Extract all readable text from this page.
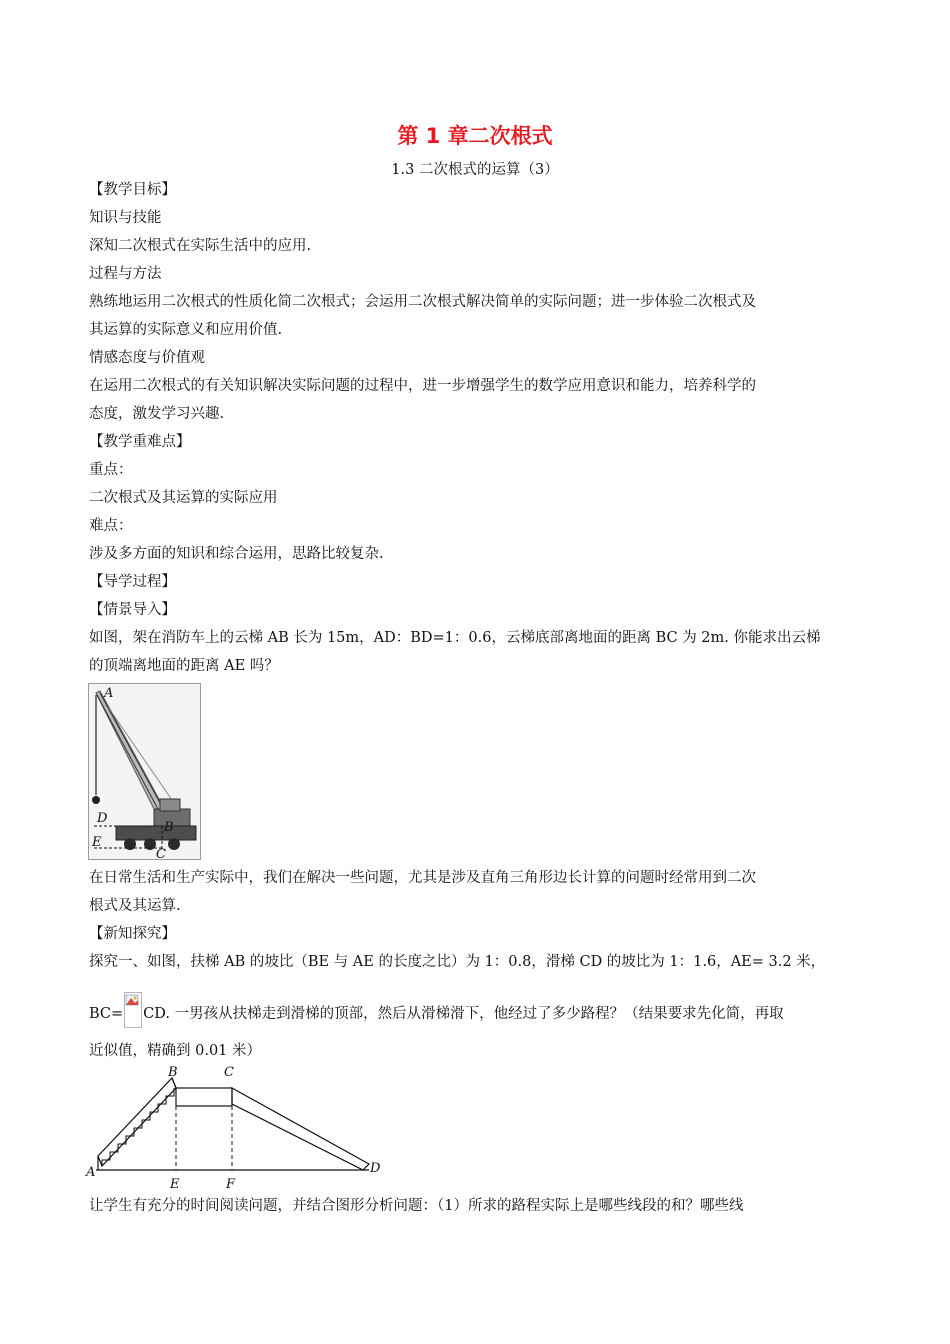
第 1 章二次根式
1.3 二次根式的运算（3）
【教学目标】
知识与技能
深知二次根式在实际生活中的应用.
过程与方法
熟练地运用二次根式的性质化简二次根式；会运用二次根式解决简单的实际问题；进一步体验二次根式及
其运算的实际意义和应用价值.
情感态度与价值观
在运用二次根式的有关知识解决实际问题的过程中，进一步增强学生的数学应用意识和能力，培养科学的
态度，激发学习兴趣.
【教学重难点】
重点：
二次根式及其运算的实际应用
难点：
涉及多方面的知识和综合运用，思路比较复杂.
【导学过程】
【情景导入】
如图，架在消防车上的云梯 AB 长为 15m，AD：BD=1：0.6，云梯底部离地面的距离 BC 为 2m. 你能求出云梯
的顶端离地面的距离 AE 吗？
A
B
C
D
E
在日常生活和生产实际中，我们在解决一些问题，尤其是涉及直角三角形边长计算的问题时经常用到二次
根式及其运算.
【新知探究】
探究一、如图，扶梯 AB 的坡比（BE 与 AE 的长度之比）为 1：0.8，滑梯 CD 的坡比为 1：1.6，AE= 3.2 米，
BC= CD. 一男孩从扶梯走到滑梯的顶部，然后从滑梯滑下，他经过了多少路程？（结果要求先化简，再取
近似值，精确到 0.01 米）
A
B	C
D
E	F
让学生有充分的时间阅读问题，并结合图形分析问题：（1）所求的路程实际上是哪些线段的和？哪些线
